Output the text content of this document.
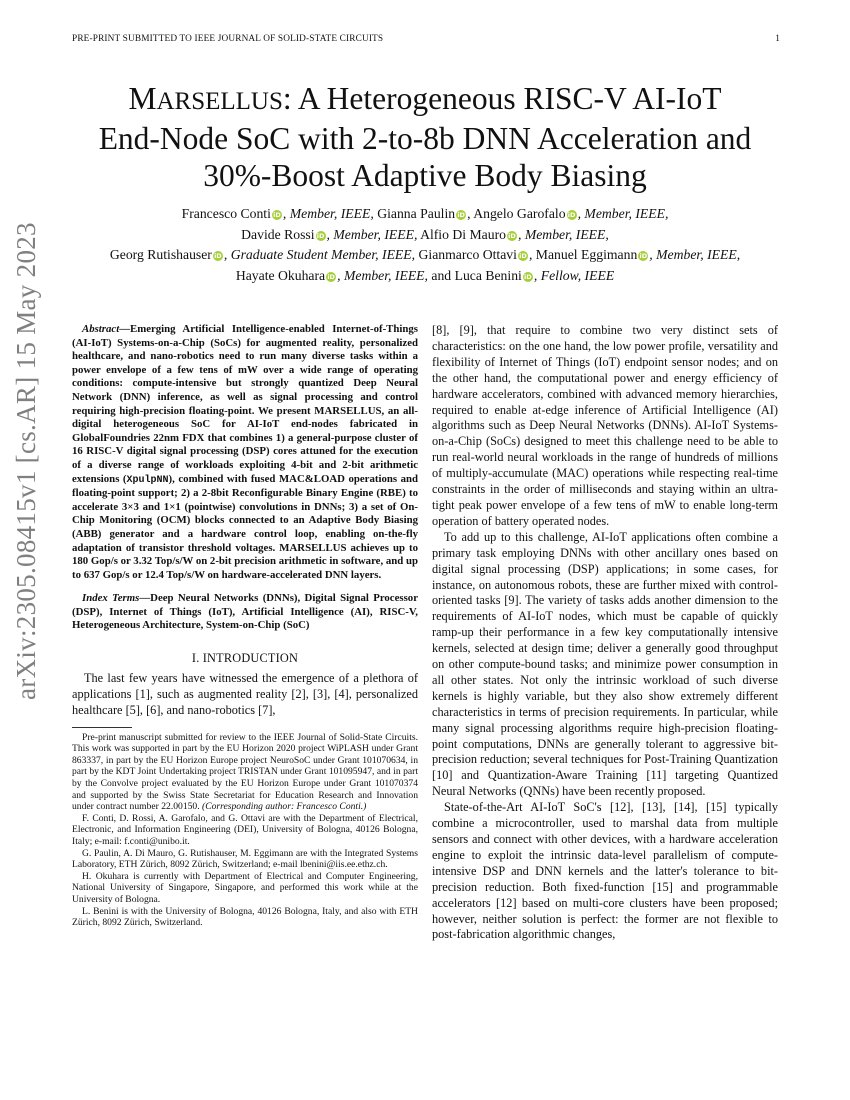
PRE-PRINT SUBMITTED TO IEEE JOURNAL OF SOLID-STATE CIRCUITS	1
arXiv:2305.08415v1 [cs.AR] 15 May 2023
MARSELLUS: A Heterogeneous RISC-V AI-IoT
End-Node SoC with 2-to-8b DNN Acceleration and
30%-Boost Adaptive Body Biasing
Francesco Conti iD , Member, IEEE, Gianna Paulin iD , Angelo Garofalo iD , Member, IEEE,
Davide Rossi iD , Member, IEEE, Alfio Di Mauro iD , Member, IEEE,
Georg Rutishauser iD , Graduate Student Member, IEEE, Gianmarco Ottavi iD , Manuel Eggimann iD , Member, IEEE,
Hayate Okuhara iD , Member, IEEE, and Luca Benini iD , Fellow, IEEE

Abstract—Emerging Artificial Intelligence-enabled Internet-of-Things (AI-IoT) Systems-on-a-Chip (SoCs) for augmented reality, personalized healthcare, and nano-robotics need to run many diverse tasks within a power envelope of a few tens of mW over a wide range of operating conditions: compute-intensive but strongly quantized Deep Neural Network (DNN) inference, as well as signal processing and control requiring high-precision floating-point. We present MARSELLUS, an all-digital heterogeneous SoC for AI-IoT end-nodes fabricated in GlobalFoundries 22nm FDX that combines 1) a general-purpose cluster of 16 RISC-V digital signal processing (DSP) cores attuned for the execution of a diverse range of workloads exploiting 4-bit and 2-bit arithmetic extensions (XpulpNN), combined with fused MAC&LOAD operations and floating-point support; 2) a 2-8bit Reconfigurable Binary Engine (RBE) to accelerate 3×3 and 1×1 (pointwise) convolutions in DNNs; 3) a set of On-Chip Monitoring (OCM) blocks connected to an Adaptive Body Biasing (ABB) generator and a hardware control loop, enabling on-the-fly adaptation of transistor threshold voltages. MARSELLUS achieves up to 180 Gop/s or 3.32 Top/s/W on 2-bit precision arithmetic in software, and up to 637 Gop/s or 12.4 Top/s/W on hardware-accelerated DNN layers.

Index Terms—Deep Neural Networks (DNNs), Digital Signal Processor (DSP), Internet of Things (IoT), Artificial Intelligence (AI), RISC-V, Heterogeneous Architecture, System-on-Chip (SoC)

I. INTRODUCTION

The last few years have witnessed the emergence of a plethora of applications [1], such as augmented reality [2], [3], [4], personalized healthcare [5], [6], and nano-robotics [7],

Pre-print manuscript submitted for review to the IEEE Journal of Solid-State Circuits. This work was supported in part by the EU Horizon 2020 project WiPLASH under Grant 863337, in part by the EU Horizon Europe project NeuroSoC under Grant 101070634, in part by the KDT Joint Undertaking project TRISTAN under Grant 101095947, and in part by the Convolve project evaluated by the EU Horizon Europe under Grant 101070374 and supported by the Swiss State Secretariat for Education Research and Innovation under contract number 22.00150. (Corresponding author: Francesco Conti.)

F. Conti, D. Rossi, A. Garofalo, and G. Ottavi are with the Department of Electrical, Electronic, and Information Engineering (DEI), University of Bologna, 40126 Bologna, Italy; e-mail: f.conti@unibo.it.

G. Paulin, A. Di Mauro, G. Rutishauser, M. Eggimann are with the Integrated Systems Laboratory, ETH Zürich, 8092 Zürich, Switzerland; e-mail lbenini@iis.ee.ethz.ch.

H. Okuhara is currently with Department of Electrical and Computer Engineering, National University of Singapore, Singapore, and performed this work while at the University of Bologna.

L. Benini is with the University of Bologna, 40126 Bologna, Italy, and also with ETH Zürich, 8092 Zürich, Switzerland.

[8], [9], that require to combine two very distinct sets of characteristics: on the one hand, the low power profile, versatility and flexibility of Internet of Things (IoT) endpoint sensor nodes; and on the other hand, the computational power and energy efficiency of hardware accelerators, combined with advanced memory hierarchies, required to enable at-edge inference of Artificial Intelligence (AI) algorithms such as Deep Neural Networks (DNNs). AI-IoT Systems-on-a-Chip (SoCs) designed to meet this challenge need to be able to run real-world neural workloads in the range of hundreds of millions of multiply-accumulate (MAC) operations while respecting real-time constraints in the order of milliseconds and staying within an ultra-tight peak power envelope of a few tens of mW to enable long-term operation of battery operated nodes.

To add up to this challenge, AI-IoT applications often combine a primary task employing DNNs with other ancillary ones based on digital signal processing (DSP) applications; in some cases, for instance, on autonomous robots, these are further mixed with control-oriented tasks [9]. The variety of tasks adds another dimension to the requirements of AI-IoT nodes, which must be capable of quickly ramp-up their performance in a few key computationally intensive kernels, selected at design time; deliver a generally good throughput on other compute-bound tasks; and minimize power consumption in all other states. Not only the intrinsic workload of such diverse kernels is highly variable, but they also show extremely different characteristics in terms of precision requirements. In particular, while many signal processing algorithms require high-precision floating-point computations, DNNs are generally tolerant to aggressive bit-precision reduction; several techniques for Post-Training Quantization [10] and Quantization-Aware Training [11] targeting Quantized Neural Networks (QNNs) have been recently proposed.

State-of-the-Art AI-IoT SoC's [12], [13], [14], [15] typically combine a microcontroller, used to marshal data from multiple sensors and connect with other devices, with a hardware acceleration engine to exploit the intrinsic data-level parallelism of compute-intensive DSP and DNN kernels and the latter's tolerance to bit-precision reduction. Both fixed-function [15] and programmable accelerators [12] based on multi-core clusters have been proposed; however, neither solution is perfect: the former are not flexible to post-fabrication algorithmic changes,
